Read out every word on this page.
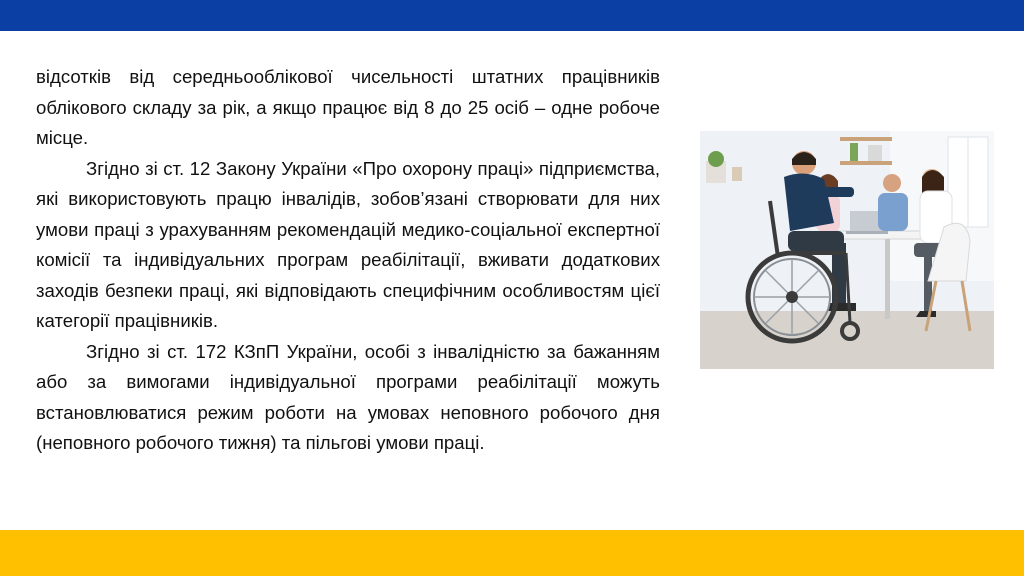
відсотків від середньооблікової чисельності штатних працівників облікового складу за рік, а якщо працює від 8 до 25 осіб – одне робоче місце.

Згідно зі ст. 12 Закону України «Про охорону праці» підприємства, які використовують працю інвалідів, зобов’язані створювати для них умови праці з урахуванням рекомендацій медико-соціальної експертної комісії та індивідуальних програм реабілітації, вживати додаткових заходів безпеки праці, які відповідають специфічним особливостям цієї категорії працівників.

Згідно зі ст. 172 КЗпП України, особі з інвалідністю за бажанням або за вимогами індивідуальної програми реабілітації можуть встановлюватися режим роботи на умовах неповного робочого дня (неповного робочого тижня) та пільгові умови праці.
